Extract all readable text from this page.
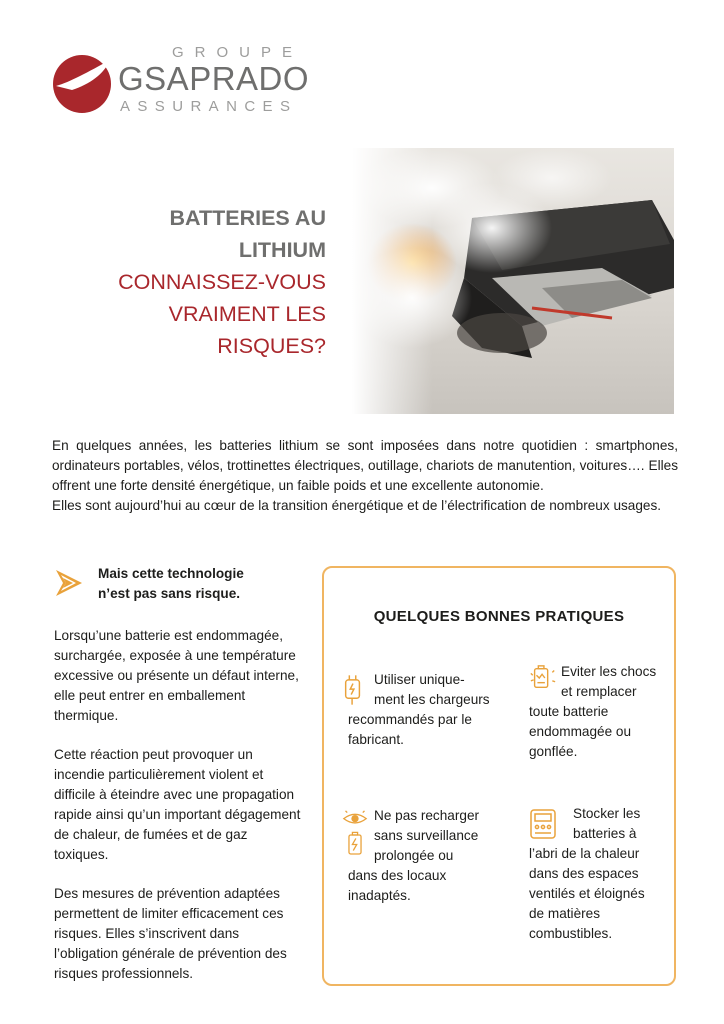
GROUPE
GSAPRADO
ASSURANCES
BATTERIES AU
LITHIUM
CONNAISSEZ-VOUS
VRAIMENT LES
RISQUES?

En quelques années, les batteries lithium se sont imposées dans notre quotidien : smartphones, ordinateurs portables, vélos, trottinettes électriques, outillage, chariots de manutention, voitures…. Elles offrent une forte densité énergétique, un faible poids et une excellente autonomie.

Elles sont aujourd’hui au cœur de la transition énergétique et de l’électrification de nombreux usages.

Mais cette technologie
n’est pas sans risque.

Lorsqu’une batterie est endommagée, surchargée, exposée à une température excessive ou présente un défaut interne, elle peut entrer en emballement thermique.

Cette réaction peut provoquer un incendie particulièrement violent et difficile à éteindre avec une propagation rapide ainsi qu’un important dégagement de chaleur, de fumées et de gaz toxiques.

Des mesures de prévention adaptées permettent de limiter efficacement ces risques. Elles s’inscrivent dans l’obligation générale de prévention des risques professionnels.

QUELQUES BONNES PRATIQUES
Utiliser unique-
ment les chargeurs
recommandés par le
fabricant.
Eviter les chocs
et remplacer
toute batterie
endommagée ou
gonflée.
Ne pas recharger
sans surveillance
prolongée ou
dans des locaux
inadaptés.
Stocker les
batteries à
l’abri de la chaleur
dans des espaces
ventilés et éloignés
de matières
combustibles.
